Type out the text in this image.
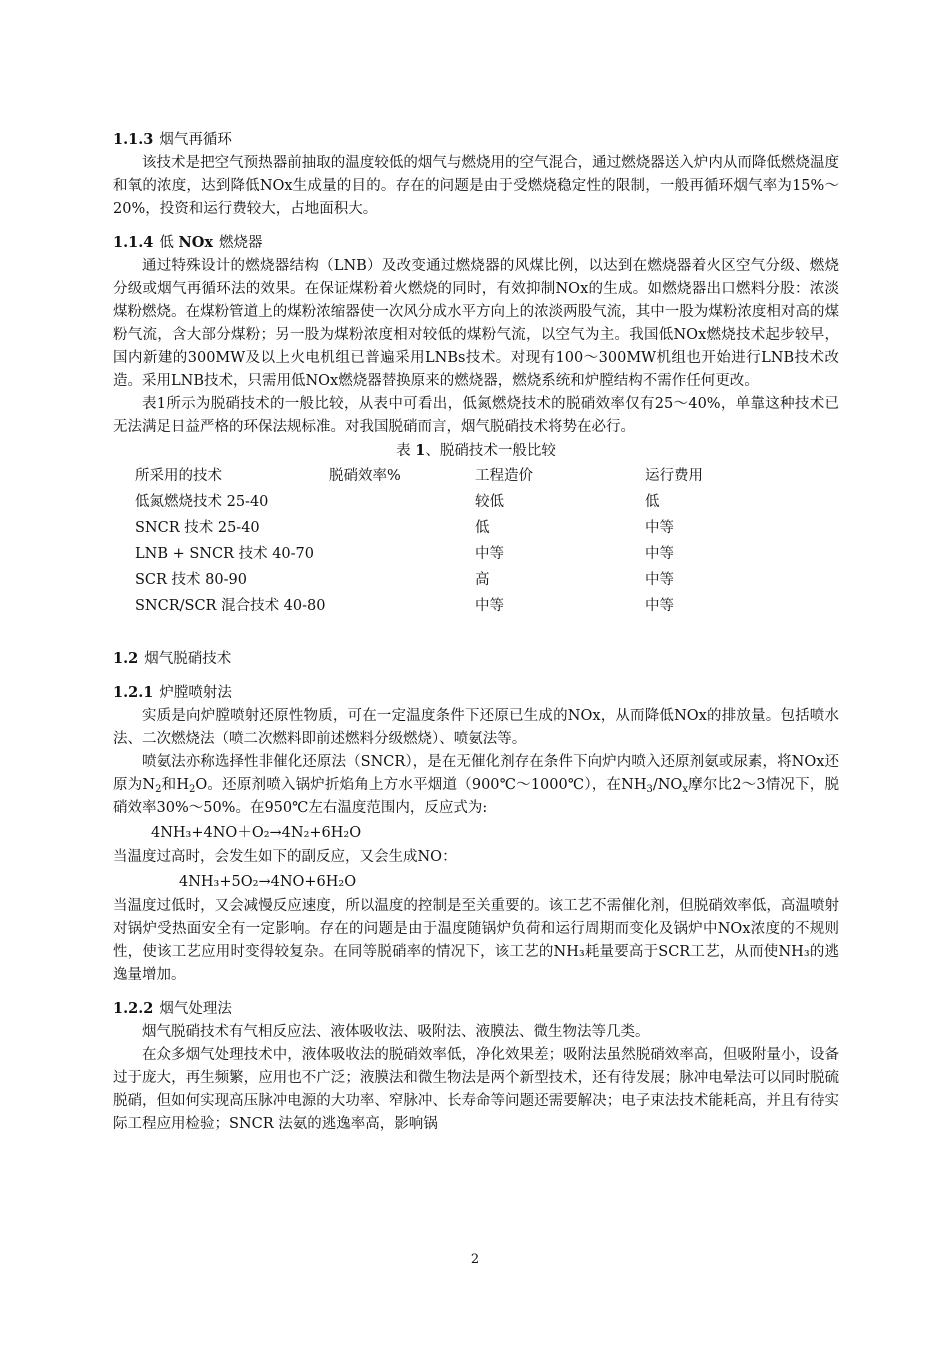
1.1.3 烟气再循环

该技术是把空气预热器前抽取的温度较低的烟气与燃烧用的空气混合，通过燃烧器送入炉内从而降低燃烧温度和氧的浓度，达到降低NOx生成量的目的。存在的问题是由于受燃烧稳定性的限制，一般再循环烟气率为15%～20%，投资和运行费较大，占地面积大。

1.1.4 低 NOx 燃烧器

通过特殊设计的燃烧器结构（LNB）及改变通过燃烧器的风煤比例，以达到在燃烧器着火区空气分级、燃烧分级或烟气再循环法的效果。在保证煤粉着火燃烧的同时，有效抑制NOx的生成。如燃烧器出口燃料分股：浓淡煤粉燃烧。在煤粉管道上的煤粉浓缩器使一次风分成水平方向上的浓淡两股气流，其中一股为煤粉浓度相对高的煤粉气流，含大部分煤粉；另一股为煤粉浓度相对较低的煤粉气流，以空气为主。我国低NOx燃烧技术起步较早，国内新建的300MW及以上火电机组已普遍采用LNBs技术。对现有100～300MW机组也开始进行LNB技术改造。采用LNB技术，只需用低NOx燃烧器替换原来的燃烧器，燃烧系统和炉膛结构不需作任何更改。

表1所示为脱硝技术的一般比较，从表中可看出，低氮燃烧技术的脱硝效率仅有25～40%，单靠这种技术已无法满足日益严格的环保法规标准。对我国脱硝而言，烟气脱硝技术将势在必行。

表 1、脱硝技术一般比较
所采用的技术	脱硝效率%	工程造价	运行费用
低氮燃烧技术 25-40		较低	低
SNCR 技术 25-40		低	中等
LNB + SNCR 技术 40-70		中等	中等
SCR 技术 80-90		高	中等
SNCR/SCR 混合技术 40-80		中等	中等
1.2 烟气脱硝技术
1.2.1 炉膛喷射法

实质是向炉膛喷射还原性物质，可在一定温度条件下还原已生成的NOx，从而降低NOx的排放量。包括喷水法、二次燃烧法（喷二次燃料即前述燃料分级燃烧）、喷氨法等。

喷氨法亦称选择性非催化还原法（SNCR），是在无催化剂存在条件下向炉内喷入还原剂氨或尿素，将NOx还原为$N_2$和$H_2O$。还原剂喷入锅炉折焰角上方水平烟道（900℃～1000℃），在$NH_3/NO_x$摩尔比2～3情况下，脱硝效率30%～50%。在950℃左右温度范围内，反应式为:

4NH₃+4NO＋O₂→4N₂+6H₂O
当温度过高时，会发生如下的副反应，又会生成NO：
4NH₃+5O₂→4NO+6H₂O

当温度过低时，又会减慢反应速度，所以温度的控制是至关重要的。该工艺不需催化剂，但脱硝效率低，高温喷射对锅炉受热面安全有一定影响。存在的问题是由于温度随锅炉负荷和运行周期而变化及锅炉中NOx浓度的不规则性，使该工艺应用时变得较复杂。在同等脱硝率的情况下，该工艺的NH₃耗量要高于SCR工艺，从而使NH₃的逃逸量增加。

1.2.2 烟气处理法

烟气脱硝技术有气相反应法、液体吸收法、吸附法、液膜法、微生物法等几类。

在众多烟气处理技术中，液体吸收法的脱硝效率低，净化效果差；吸附法虽然脱硝效率高，但吸附量小，设备过于庞大，再生频繁，应用也不广泛；液膜法和微生物法是两个新型技术，还有待发展；脉冲电晕法可以同时脱硫脱硝，但如何实现高压脉冲电源的大功率、窄脉冲、长寿命等问题还需要解决；电子束法技术能耗高，并且有待实际工程应用检验；SNCR 法氨的逃逸率高，影响锅

2
